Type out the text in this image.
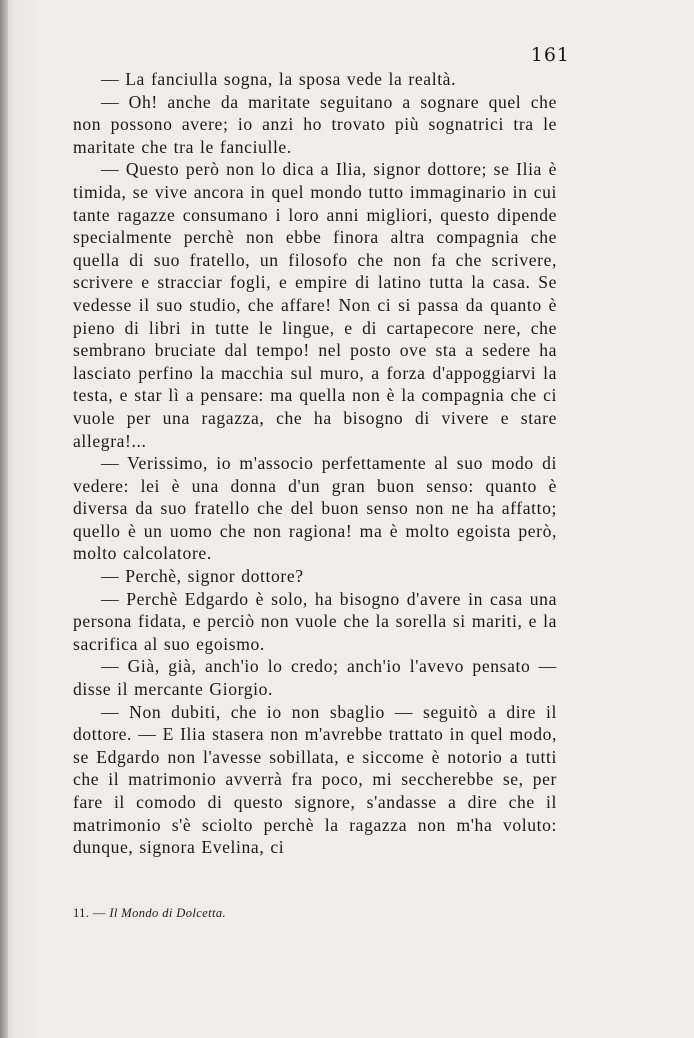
161

— La fanciulla sogna, la sposa vede la realtà.

— Oh! anche da maritate seguitano a sognare quel che non possono avere; io anzi ho trovato più sognatrici tra le maritate che tra le fanciulle.

— Questo però non lo dica a Ilia, signor dottore; se Ilia è timida, se vive ancora in quel mondo tutto immaginario in cui tante ragazze consumano i loro anni migliori, questo dipende specialmente perchè non ebbe finora altra compagnia che quella di suo fratello, un filosofo che non fa che scrivere, scrivere e stracciar fogli, e empire di latino tutta la casa. Se vedesse il suo studio, che affare! Non ci si passa da quanto è pieno di libri in tutte le lingue, e di cartapecore nere, che sembrano bruciate dal tempo! nel posto ove sta a sedere ha lasciato perfino la macchia sul muro, a forza d'appoggiarvi la testa, e star lì a pensare: ma quella non è la compagnia che ci vuole per una ragazza, che ha bisogno di vivere e stare allegra!...

— Verissimo, io m'associo perfettamente al suo modo di vedere: lei è una donna d'un gran buon senso: quanto è diversa da suo fratello che del buon senso non ne ha affatto; quello è un uomo che non ragiona! ma è molto egoista però, molto calcolatore.

— Perchè, signor dottore?

— Perchè Edgardo è solo, ha bisogno d'avere in casa una persona fidata, e perciò non vuole che la sorella si mariti, e la sacrifica al suo egoismo.

— Già, già, anch'io lo credo; anch'io l'avevo pensato — disse il mercante Giorgio.

— Non dubiti, che io non sbaglio — seguitò a dire il dottore. — E Ilia stasera non m'avrebbe trattato in quel modo, se Edgardo non l'avesse sobillata, e siccome è notorio a tutti che il matrimonio avverrà fra poco, mi seccherebbe se, per fare il comodo di questo signore, s'andasse a dire che il matrimonio s'è sciolto perchè la ragazza non m'ha voluto: dunque, signora Evelina, ci

11. — Il Mondo di Dolcetta.
